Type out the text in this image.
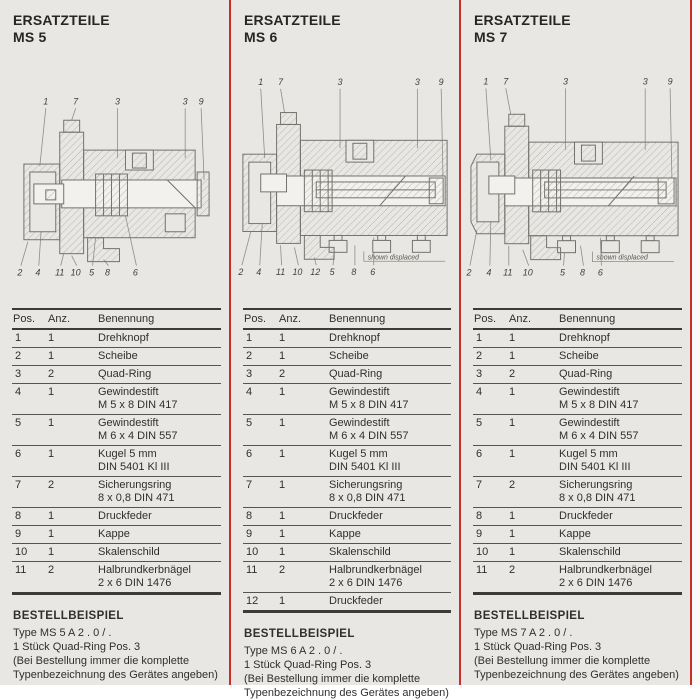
ERSATZTEILE
MS 5
1	7	3	3 9
2 4 11 10 5 8	6
Pos.	Anz.	Benennung
1	1	Drehknopf

2	1	Scheibe

3	2	Quad-Ring

4	1	Gewindestift
M 5 x 8 DIN 417

5	1	Gewindestift
M 6 x 4 DIN 557

6	1	Kugel 5 mm
DIN 5401 Kl III

7	2	Sicherungsring
8 x 0,8 DIN 471

8	1	Druckfeder

9	1	Kappe

10	1	Skalenschild

11	2	Halbrundkerbnägel
2 x 6 DIN 1476
BESTELLBEISPIEL
Type MS 5 A 2 . 0 / .
1 Stück Quad-Ring Pos. 3
(Bei Bestellung immer die komplette
Typenbezeichnung des Gerätes angeben)
ERSATZTEILE
MS 6
1 7	3	3 9
2 4 11 10 12 5 8 6
shown displaced
Pos.	Anz.	Benennung
1	1	Drehknopf

2	1	Scheibe

3	2	Quad-Ring

4	1	Gewindestift
M 5 x 8 DIN 417

5	1	Gewindestift
M 6 x 4 DIN 557

6	1	Kugel 5 mm
DIN 5401 Kl III

7	1	Sicherungsring
8 x 0,8 DIN 471

8	1	Druckfeder

9	1	Kappe

10	1	Skalenschild

11	2	Halbrundkerbnägel
2 x 6 DIN 1476

12	1	Druckfeder
BESTELLBEISPIEL
Type MS 6 A 2 . 0 / .
1 Stück Quad-Ring Pos. 3
(Bei Bestellung immer die komplette
Typenbezeichnung des Gerätes angeben)
ERSATZTEILE
MS 7
1 7	3	3 9
2 4 11 10	5 8 6
shown displaced
Pos.	Anz.	Benennung
1	1	Drehknopf

2	1	Scheibe

3	2	Quad-Ring

4	1	Gewindestift
M 5 x 8 DIN 417

5	1	Gewindestift
M 6 x 4 DIN 557

6	1	Kugel 5 mm
DIN 5401 Kl III

7	2	Sicherungsring
8 x 0,8 DIN 471

8	1	Druckfeder

9	1	Kappe

10	1	Skalenschild

11	2	Halbrundkerbnägel
2 x 6 DIN 1476
BESTELLBEISPIEL
Type MS 7 A 2 . 0 / .
1 Stück Quad-Ring Pos. 3
(Bei Bestellung immer die komplette
Typenbezeichnung des Gerätes angeben)
